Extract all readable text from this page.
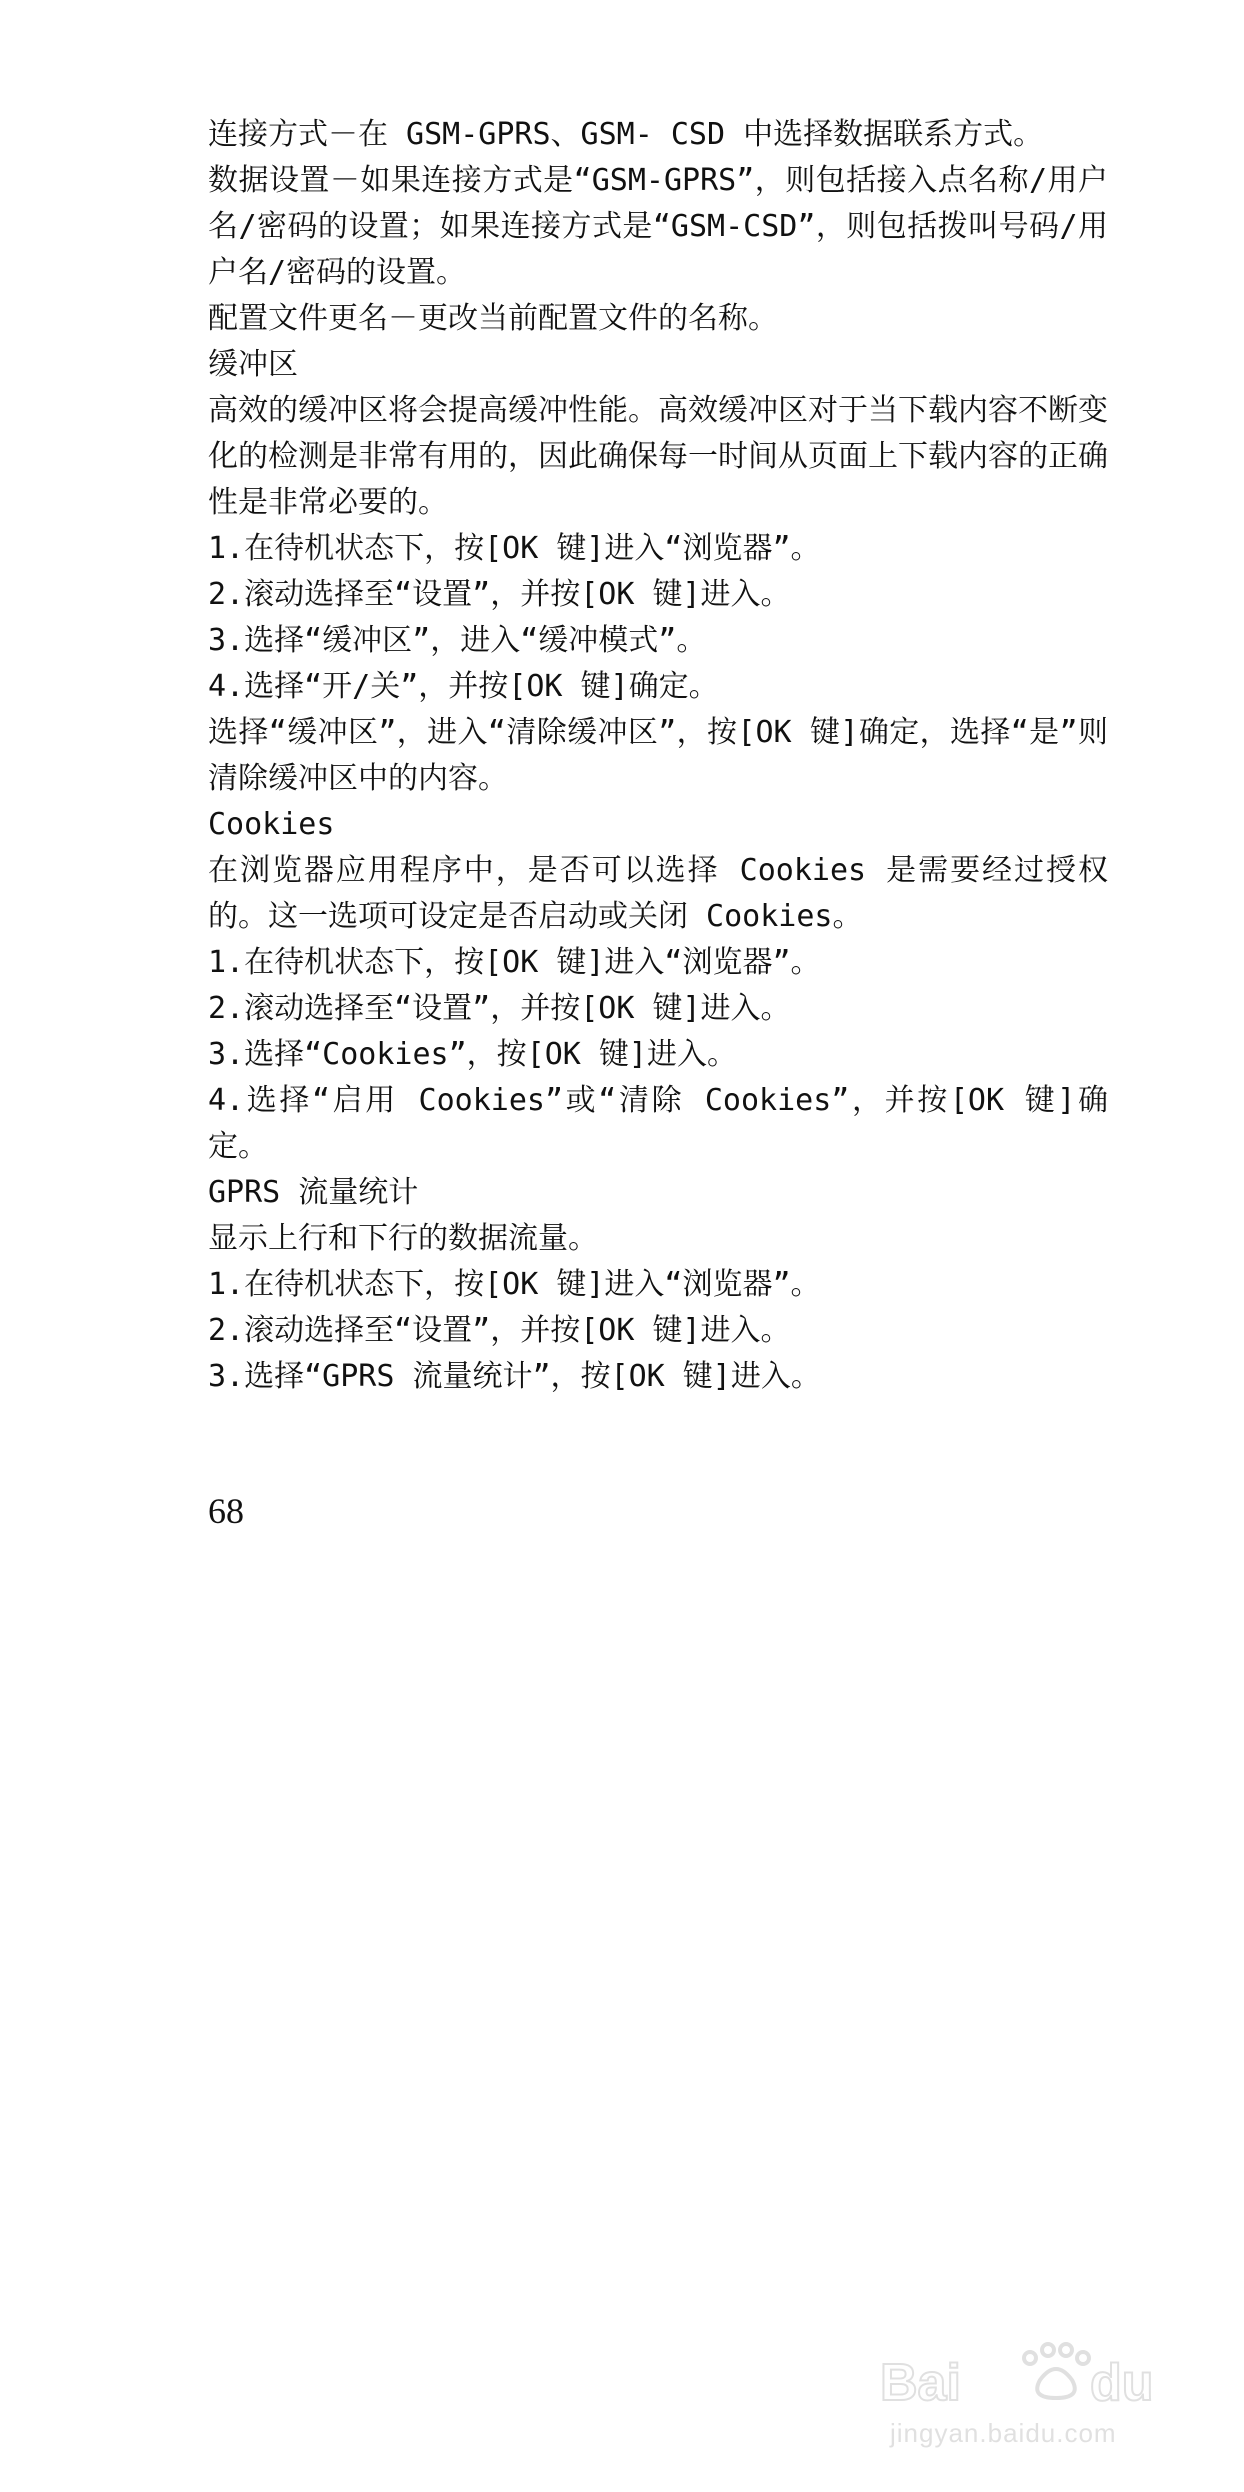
连接方式－在 GSM-GPRS、GSM- CSD 中选择数据联系方式。

数据设置－如果连接方式是“GSM-GPRS”，则包括接入点名称/用户名/密码的设置；如果连接方式是“GSM-CSD”，则包括拨叫号码/用户名/密码的设置。

配置文件更名－更改当前配置文件的名称。

缓冲区

高效的缓冲区将会提高缓冲性能。高效缓冲区对于当下载内容不断变化的检测是非常有用的，因此确保每一时间从页面上下载内容的正确性是非常必要的。

1.在待机状态下，按[OK 键]进入“浏览器”。

2.滚动选择至“设置”，并按[OK 键]进入。

3.选择“缓冲区”，进入“缓冲模式”。

4.选择“开/关”，并按[OK 键]确定。

选择“缓冲区”，进入“清除缓冲区”，按[OK 键]确定，选择“是”则清除缓冲区中的内容。

Cookies

在浏览器应用程序中，是否可以选择 Cookies 是需要经过授权的。这一选项可设定是否启动或关闭 Cookies。

1.在待机状态下，按[OK 键]进入“浏览器”。

2.滚动选择至“设置”，并按[OK 键]进入。

3.选择“Cookies”，按[OK 键]进入。

4.选择“启用 Cookies”或“清除 Cookies”，并按[OK 键]确定。

GPRS 流量统计

显示上行和下行的数据流量。

1.在待机状态下，按[OK 键]进入“浏览器”。

2.滚动选择至“设置”，并按[OK 键]进入。

3.选择“GPRS 流量统计”，按[OK 键]进入。

68
Bai du
jingyan.baidu.com
